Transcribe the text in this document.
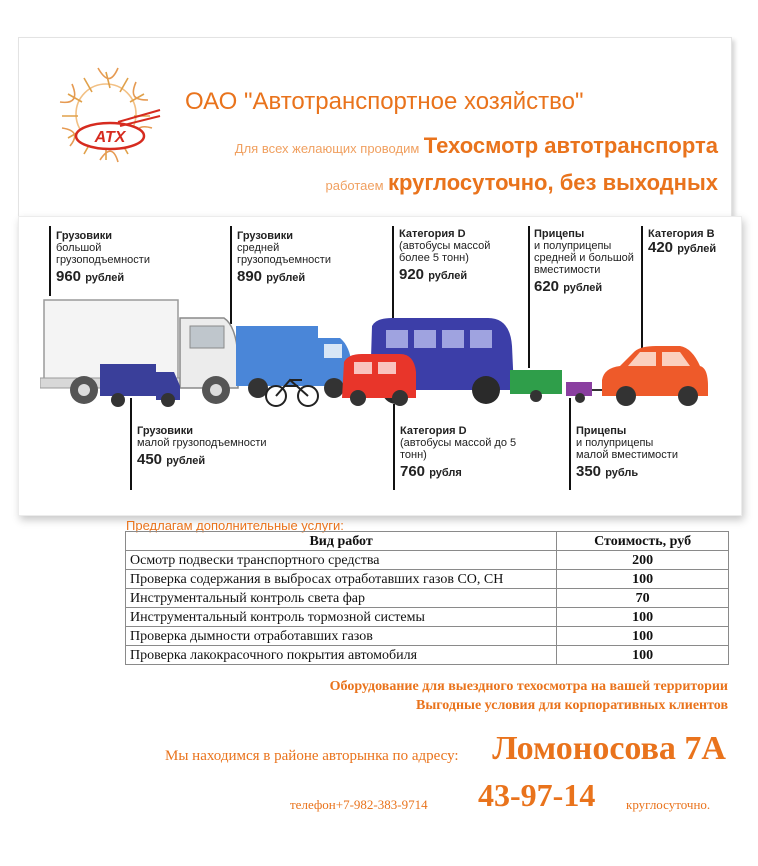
ATX
ОАО "Автотранспортное хозяйство"
Для всех желающих проводим Техосмотр автотранспорта
работаем круглосуточно, без выходных
Грузовики
большой грузоподъемности
960 рублей
Грузовики
средней грузоподъемности
890 рублей
Категория D
(автобусы массой более 5 тонн)
920 рублей
Прицепы
и полуприцепы средней и большой вместимости
620 рублей
Категория B
420 рублей
Грузовики
малой грузоподъемности
450 рублей
Категория D
(автобусы массой до 5 тонн)
760 рубля
Прицепы
и полуприцепы малой вместимости
350 рубль
Предлагам дополнительные услуги:
Вид работ	Стоимость, руб
Осмотр подвески транспортного средства	200
Проверка содержания в выбросах отработавших газов CO, CH	100
Инструментальный контроль света фар	70
Инструментальный контроль тормозной системы	100
Проверка дымности отработавших газов	100
Проверка лакокрасочного покрытия автомобиля	100
Оборудование для выездного техосмотра на вашей территории
Выгодные условия для корпоративных клиентов
Мы находимся в районе авторынка по адресу: Ломоносова 7А
телефон+7-982-383-9714 43-97-14 круглосуточно.
